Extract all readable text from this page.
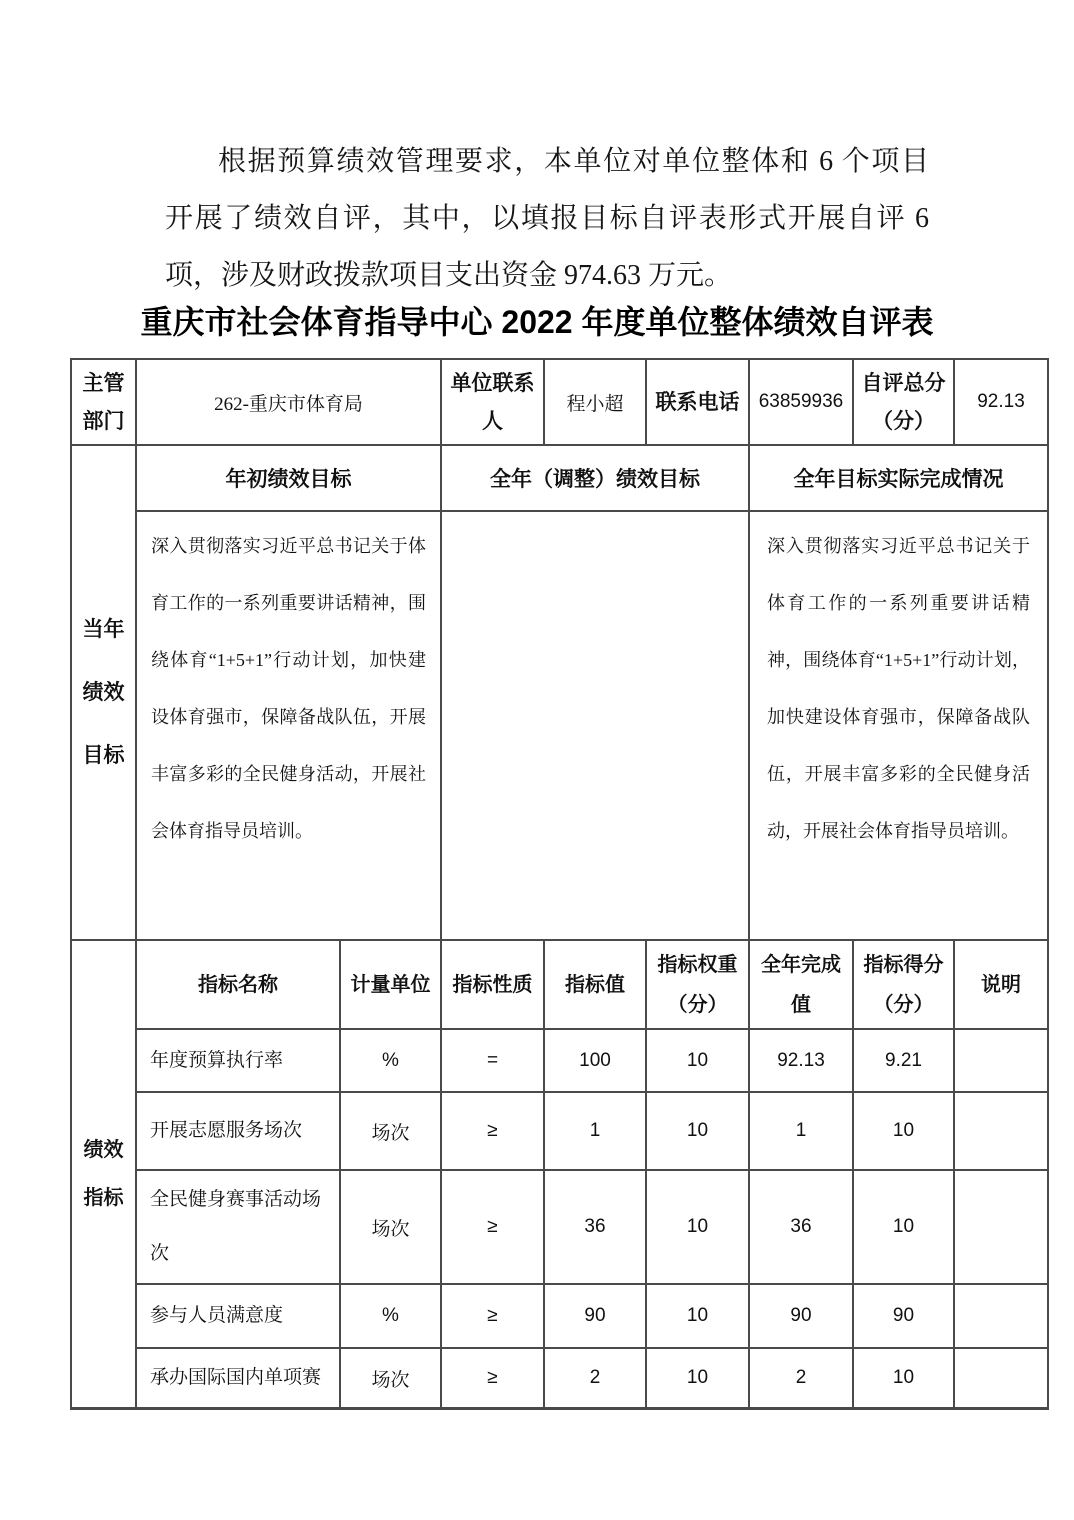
根据预算绩效管理要求，本单位对单位整体和 6 个项目
开展了绩效自评，其中，以填报目标自评表形式开展自评 6
项，涉及财政拨款项目支出资金 974.63 万元。
重庆市社会体育指导中心 2022 年度单位整体绩效自评表
主管部门	262-重庆市体育局	单位联系人	程小超	联系电话	63859936	自评总分（分）	92.13
当年绩效目标	年初绩效目标	全年（调整）绩效目标	全年目标实际完成情况
	深入贯彻落实习近平总书记关于体育工作的一系列重要讲话精神，围绕体育“1+5+1”行动计划，加快建设体育强市，保障备战队伍，开展丰富多彩的全民健身活动，开展社会体育指导员培训。		深入贯彻落实习近平总书记关于体育工作的一系列重要讲话精神，围绕体育“1+5+1”行动计划，加快建设体育强市，保障备战队伍，开展丰富多彩的全民健身活动，开展社会体育指导员培训。
绩效指标	指标名称	计量单位	指标性质	指标值	指标权重（分）	全年完成值	指标得分（分）	说明
	年度预算执行率	%	=	100	10	92.13	9.21	
	开展志愿服务场次	场次	≥	1	10	1	10	
	全民健身赛事活动场次	场次	≥	36	10	36	10	
	参与人员满意度	%	≥	90	10	90	90	
	承办国际国内单项赛	场次	≥	2	10	2	10	
